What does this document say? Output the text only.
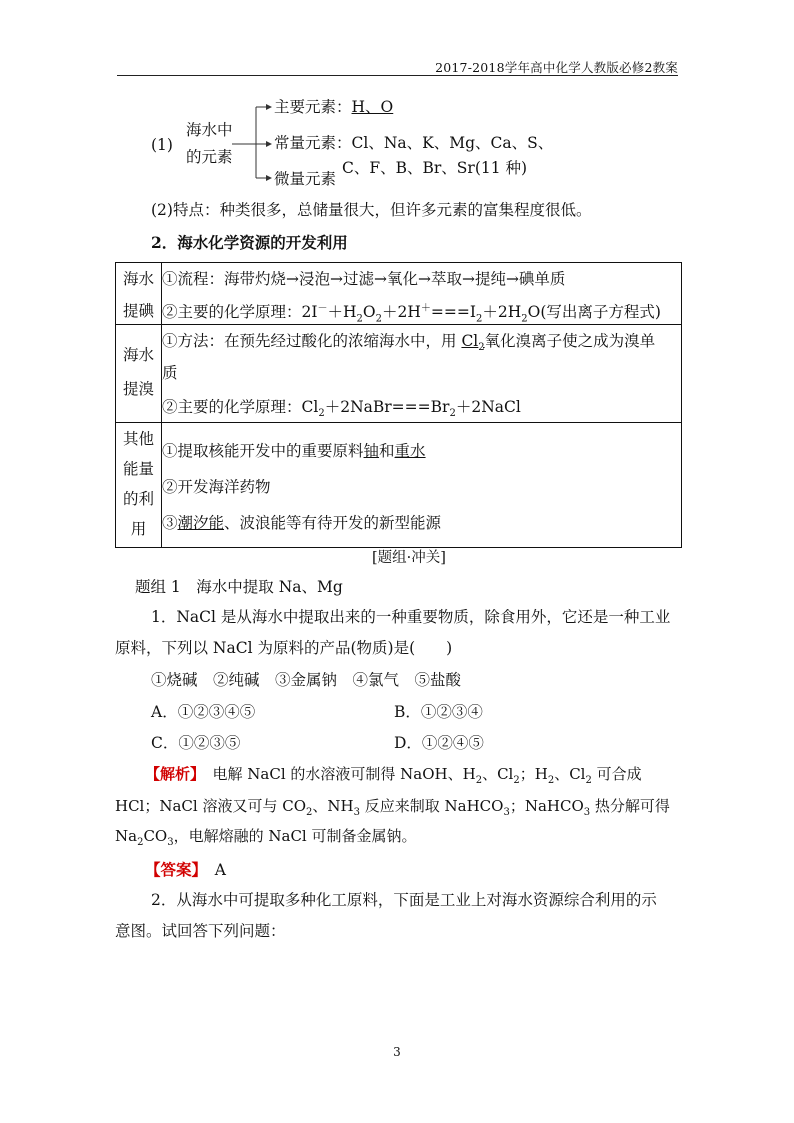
2017-2018学年高中化学人教版必修2教案
(1)
海水中
的元素
主要元素：H、O
常量元素：Cl、Na、K、Mg、Ca、S、
C、F、B、Br、Sr(11 种)
微量元素
(2)特点：种类很多，总储量很大，但许多元素的富集程度很低。
2．海水化学资源的开发利用
海水
提碘	①流程：海带灼烧→浸泡→过滤→氧化→萃取→提纯→碘单质
②主要的化学原理：$2I^-+H_2O_2+2H^+===I_2+2H_2O$(写出离子方程式)

海水
提溴	①方法：在预先经过酸化的浓缩海水中，用 $Cl_2$氧化溴离子使之成为溴单
质
②主要的化学原理：$Cl_2+2NaBr===Br_2+2NaCl$

其他
能量
的利
用	①提取核能开发中的重要原料铀和重水
②开发海洋药物
③潮汐能、波浪能等有待开发的新型能源
[题组·冲关]
题组 1　海水中提取 Na、Mg
1．NaCl 是从海水中提取出来的一种重要物质，除食用外，它还是一种工业
原料，下列以 NaCl 为原料的产品(物质)是(　　)
①烧碱　②纯碱　③金属钠　④氯气　⑤盐酸
A．①②③④⑤	B．①②③④
C．①②③⑤	D．①②④⑤
【解析】　电解 NaCl 的水溶液可制得 NaOH、$H_2$、$Cl_2$；$H_2$、$Cl_2$ 可合成
HCl；NaCl 溶液又可与 $CO_2$、$NH_3$ 反应来制取 NaHCO$_3$；NaHCO$_3$ 热分解可得
$Na_2CO_3$，电解熔融的 NaCl 可制备金属钠。
【答案】　 A
2．从海水中可提取多种化工原料，下面是工业上对海水资源综合利用的示
意图。试回答下列问题：
3
